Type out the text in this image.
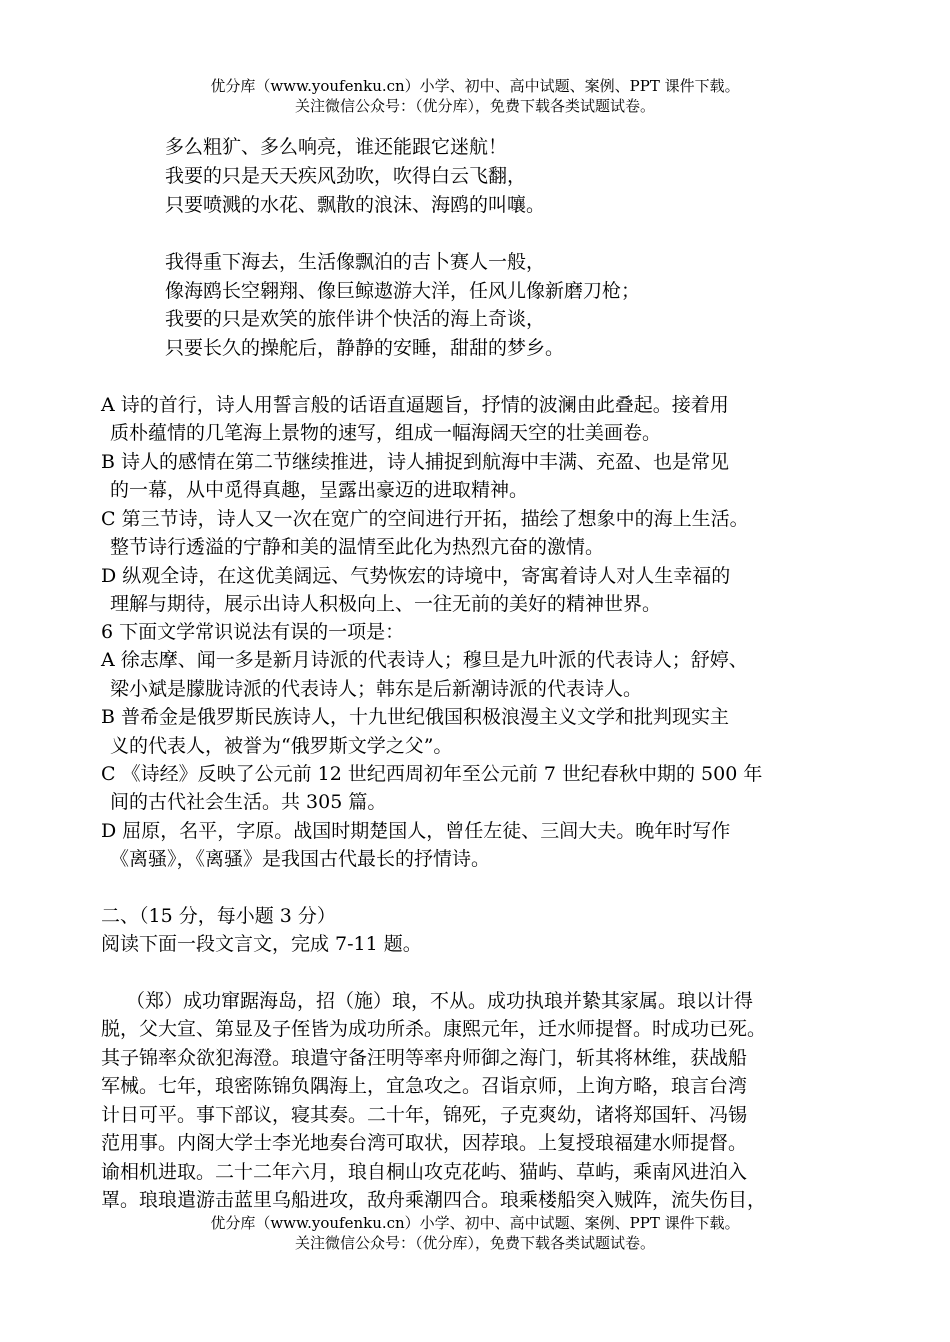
优分库（www.youfenku.cn）小学、初中、高中试题、案例、PPT 课件下载。
关注微信公众号：（优分库），免费下载各类试题试卷。
多么粗犷、多么响亮，谁还能跟它迷航！
我要的只是天天疾风劲吹，吹得白云飞翻，
只要喷溅的水花、飘散的浪沫、海鸥的叫嚷。
我得重下海去，生活像飘泊的吉卜赛人一般，
像海鸥长空翱翔、像巨鲸遨游大洋，任风儿像新磨刀枪；
我要的只是欢笑的旅伴讲个快活的海上奇谈，
只要长久的操舵后，静静的安睡，甜甜的梦乡。
A 诗的首行，诗人用誓言般的话语直逼题旨，抒情的波澜由此叠起。接着用
质朴蕴情的几笔海上景物的速写，组成一幅海阔天空的壮美画卷。
B 诗人的感情在第二节继续推进，诗人捕捉到航海中丰满、充盈、也是常见
的一幕，从中觅得真趣，呈露出豪迈的进取精神。
C 第三节诗，诗人又一次在宽广的空间进行开拓，描绘了想象中的海上生活。
整节诗行透溢的宁静和美的温情至此化为热烈亢奋的激情。
D 纵观全诗，在这优美阔远、气势恢宏的诗境中，寄寓着诗人对人生幸福的
理解与期待，展示出诗人积极向上、一往无前的美好的精神世界。
6 下面文学常识说法有误的一项是：
A 徐志摩、闻一多是新月诗派的代表诗人；穆旦是九叶派的代表诗人；舒婷、
梁小斌是朦胧诗派的代表诗人；韩东是后新潮诗派的代表诗人。
B 普希金是俄罗斯民族诗人，十九世纪俄国积极浪漫主义文学和批判现实主
义的代表人，被誉为“俄罗斯文学之父”。
C 《诗经》反映了公元前 12 世纪西周初年至公元前 7 世纪春秋中期的 500 年
间的古代社会生活。共 305 篇。
D 屈原，名平，字原。战国时期楚国人，曾任左徒、三闾大夫。晚年时写作
《离骚》，《离骚》是我国古代最长的抒情诗。
二、（15 分，每小题 3 分）
阅读下面一段文言文，完成 7-11 题。
（郑）成功窜踞海岛，招（施）琅，不从。成功执琅并絷其家属。琅以计得
脱，父大宣、第显及子侄皆为成功所杀。康熙元年，迁水师提督。时成功已死。
其子锦率众欲犯海澄。琅遣守备汪明等率舟师御之海门，斩其将林维，获战船
军械。七年，琅密陈锦负隅海上，宜急攻之。召诣京师，上询方略，琅言台湾
计日可平。事下部议，寝其奏。二十年，锦死，子克爽幼，诸将郑国轩、冯锡
范用事。内阁大学士李光地奏台湾可取状，因荐琅。上复授琅福建水师提督。
谕相机进取。二十二年六月，琅自桐山攻克花屿、猫屿、草屿，乘南风进泊入
罩。琅琅遣游击蓝里乌船进攻，敌舟乘潮四合。琅乘楼船突入贼阵，流失伤目，
优分库（www.youfenku.cn）小学、初中、高中试题、案例、PPT 课件下载。
关注微信公众号：（优分库），免费下载各类试题试卷。
